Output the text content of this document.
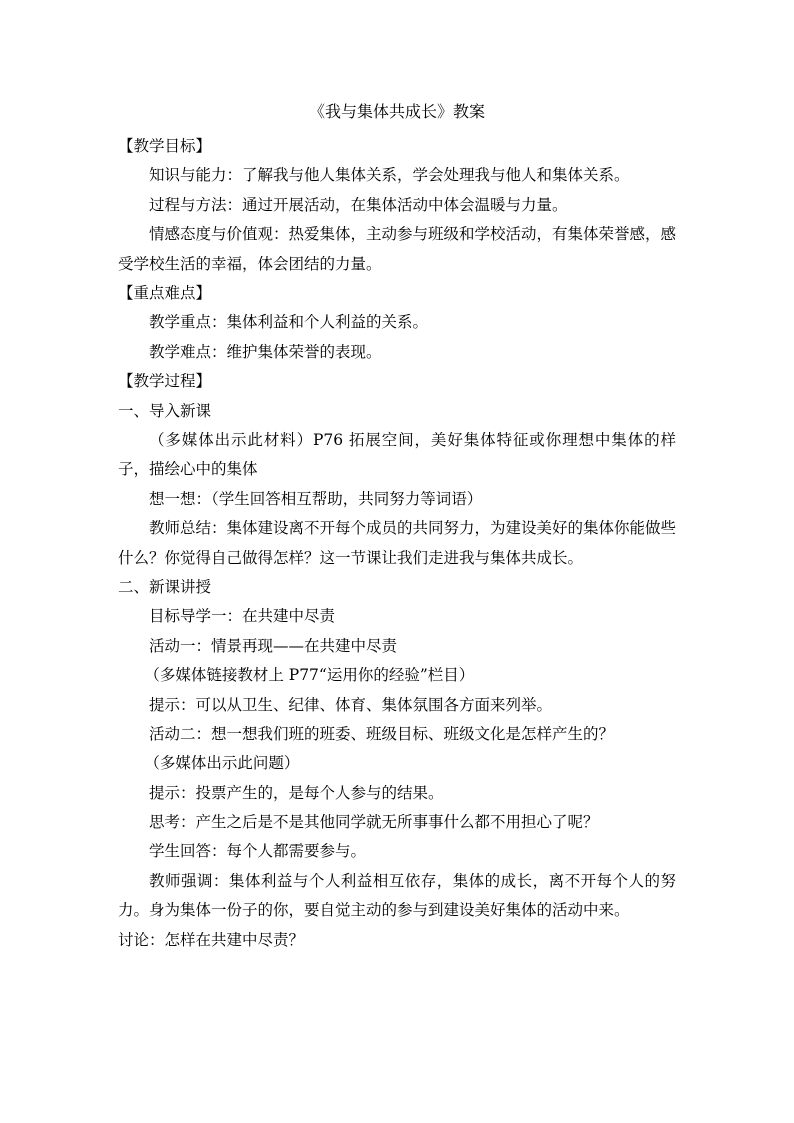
《我与集体共成长》教案
【教学目标】
知识与能力：了解我与他人集体关系，学会处理我与他人和集体关系。
过程与方法：通过开展活动，在集体活动中体会温暖与力量。
情感态度与价值观：热爱集体，主动参与班级和学校活动，有集体荣誉感，感受学校生活的幸福，体会团结的力量。
【重点难点】
教学重点：集体利益和个人利益的关系。
教学难点：维护集体荣誉的表现。
【教学过程】
一、导入新课
（多媒体出示此材料）P76 拓展空间，美好集体特征或你理想中集体的样子，描绘心中的集体
想一想：（学生回答相互帮助，共同努力等词语）
教师总结：集体建设离不开每个成员的共同努力，为建设美好的集体你能做些什么？你觉得自己做得怎样？这一节课让我们走进我与集体共成长。
二、新课讲授
目标导学一：在共建中尽责
活动一：情景再现——在共建中尽责
（多媒体链接教材上 P77“运用你的经验”栏目）
提示：可以从卫生、纪律、体育、集体氛围各方面来列举。
活动二：想一想我们班的班委、班级目标、班级文化是怎样产生的？
（多媒体出示此问题）
提示：投票产生的，是每个人参与的结果。
思考：产生之后是不是其他同学就无所事事什么都不用担心了呢？
学生回答：每个人都需要参与。
教师强调：集体利益与个人利益相互依存，集体的成长，离不开每个人的努力。身为集体一份子的你，要自觉主动的参与到建设美好集体的活动中来。
讨论：怎样在共建中尽责？
